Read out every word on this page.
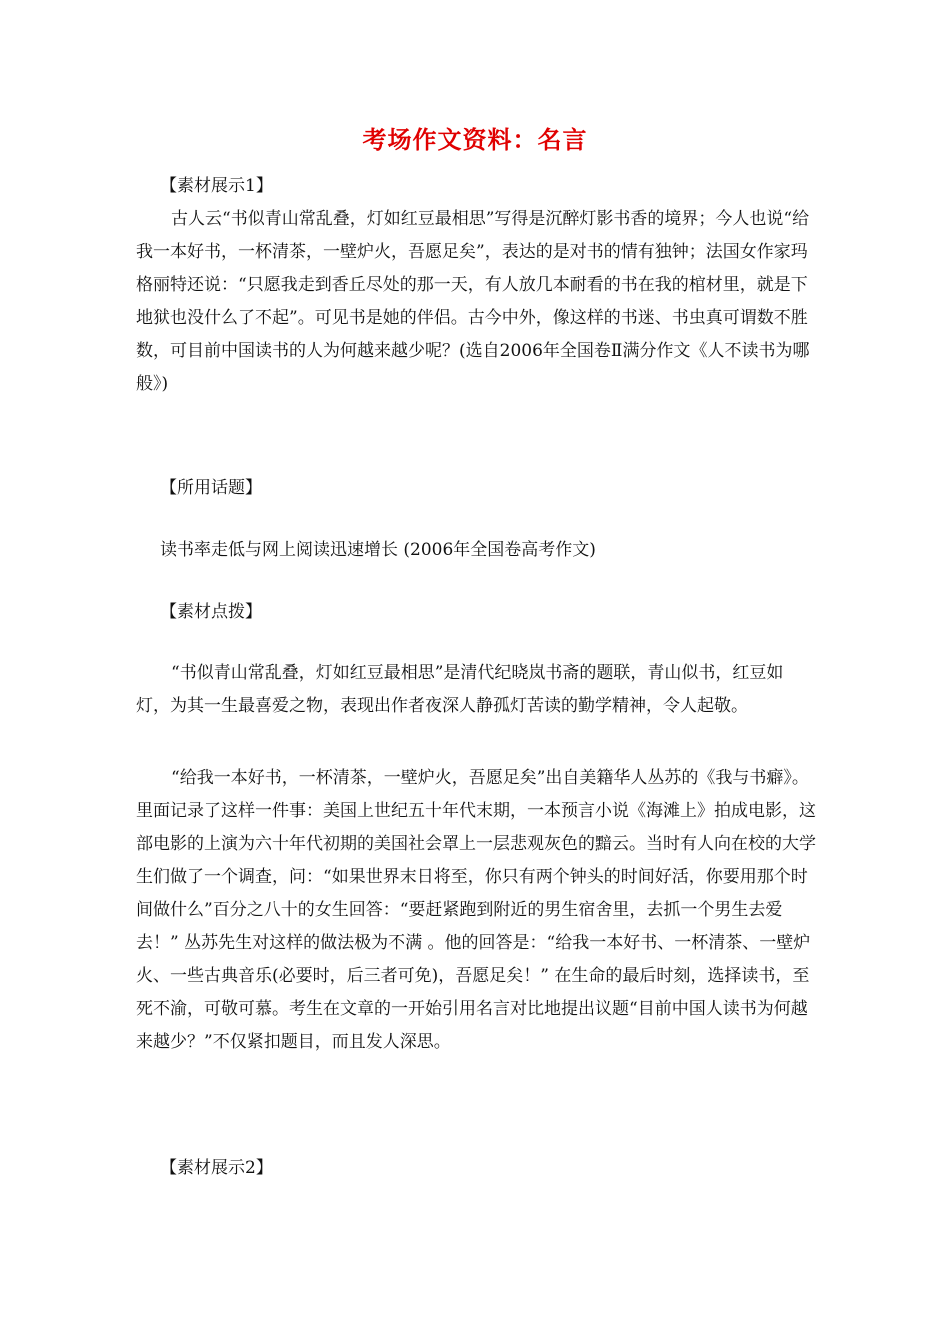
考场作文资料：名言
【素材展示1】

古人云“书似青山常乱叠，灯如红豆最相思”写得是沉醉灯影书香的境界；今人也说“给我一本好书，一杯清茶，一壁炉火，吾愿足矣”，表达的是对书的情有独钟；法国女作家玛格丽特还说：“只愿我走到香丘尽处的那一天，有人放几本耐看的书在我的棺材里，就是下地狱也没什么了不起”。可见书是她的伴侣。古今中外，像这样的书迷、书虫真可谓数不胜数，可目前中国读书的人为何越来越少呢？(选自2006年全国卷Ⅱ满分作文《人不读书为哪般》)

【所用话题】
读书率走低与网上阅读迅速增长 (2006年全国卷高考作文)
【素材点拨】

“书似青山常乱叠，灯如红豆最相思”是清代纪晓岚书斋的题联，青山似书，红豆如灯，为其一生最喜爱之物，表现出作者夜深人静孤灯苦读的勤学精神，令人起敬。

“给我一本好书，一杯清茶，一壁炉火，吾愿足矣”出自美籍华人丛苏的《我与书癖》。里面记录了这样一件事：美国上世纪五十年代末期，一本预言小说《海滩上》拍成电影，这部电影的上演为六十年代初期的美国社会罩上一层悲观灰色的黯云。当时有人向在校的大学生们做了一个调查，问：“如果世界末日将至，你只有两个钟头的时间好活，你要用那个时间做什么”百分之八十的女生回答：“要赶紧跑到附近的男生宿舍里，去抓一个男生去爱去！” 丛苏先生对这样的做法极为不满 。他的回答是：“给我一本好书、一杯清茶、一壁炉火、一些古典音乐(必要时，后三者可免)，吾愿足矣！” 在生命的最后时刻，选择读书，至死不渝，可敬可慕。考生在文章的一开始引用名言对比地提出议题“目前中国人读书为何越来越少？”不仅紧扣题目，而且发人深思。

【素材展示2】
